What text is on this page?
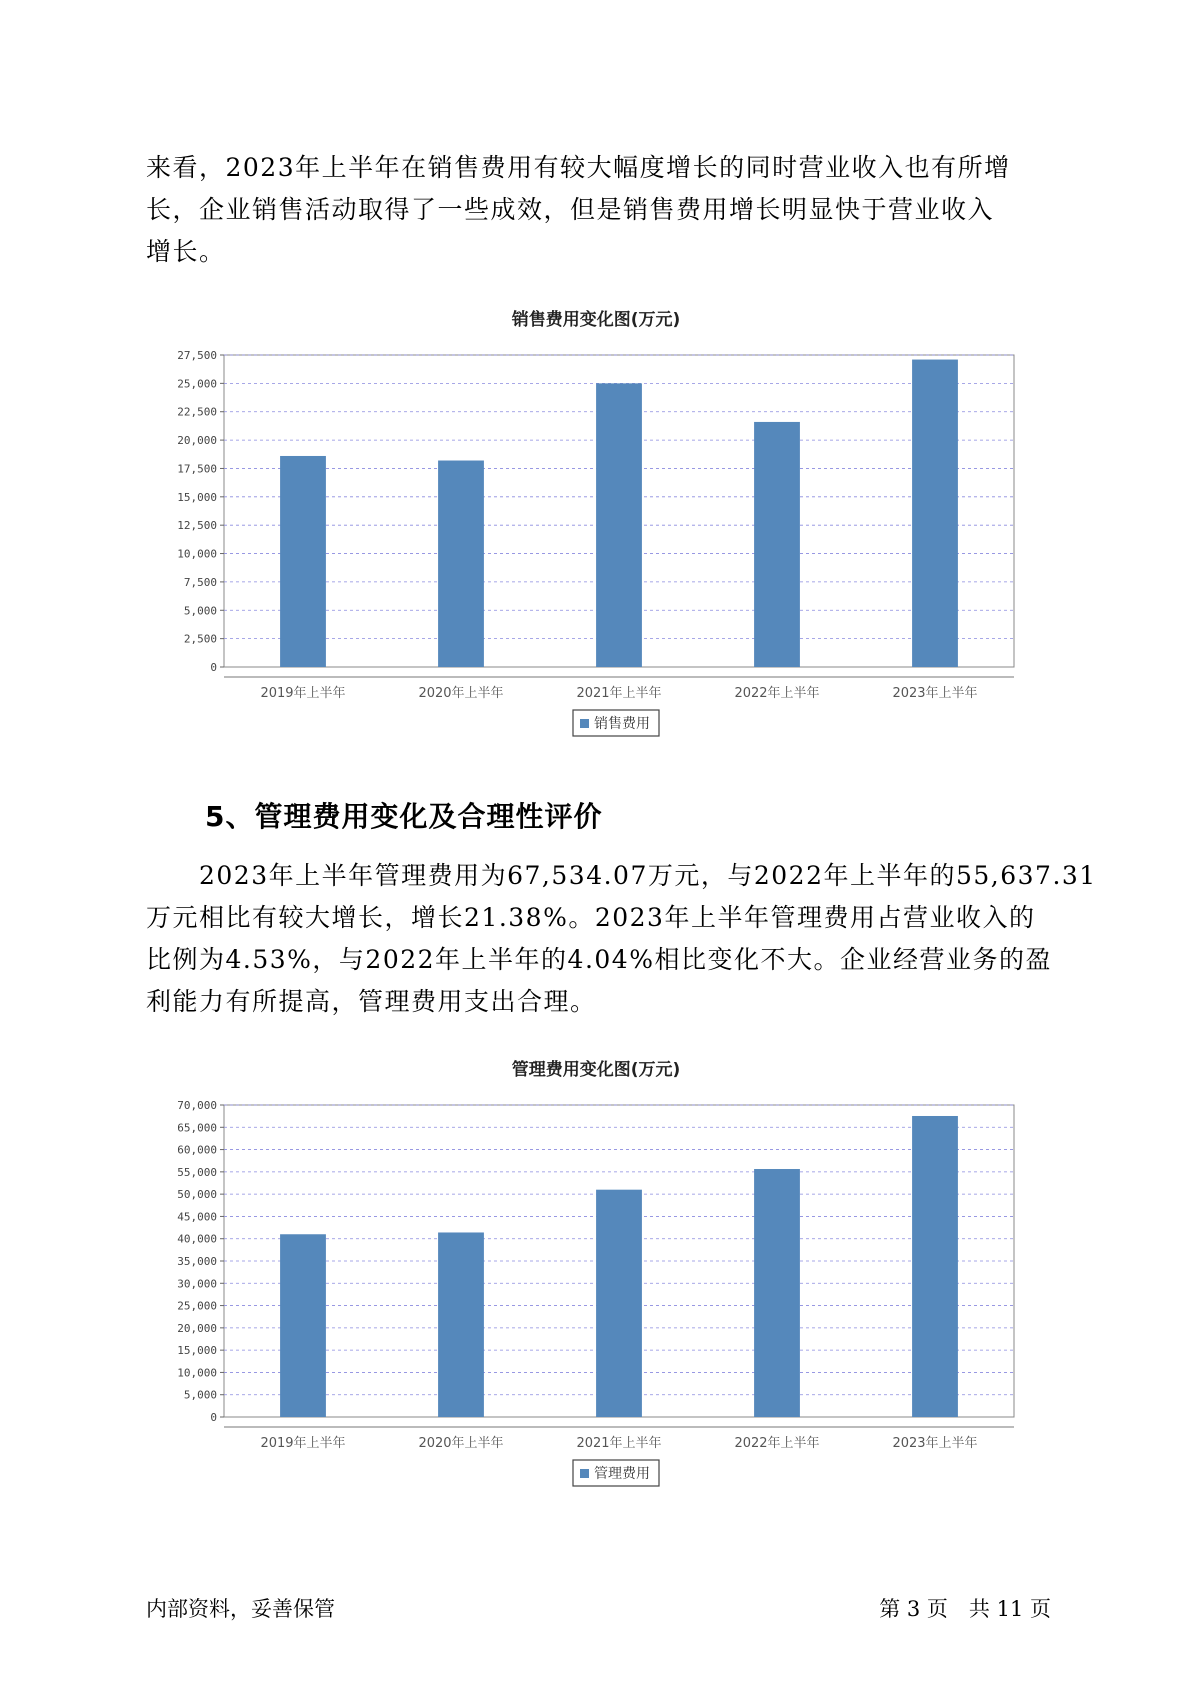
来看，2023年上半年在销售费用有较大幅度增长的同时营业收入也有所增
长，企业销售活动取得了一些成效，但是销售费用增长明显快于营业收入
增长。
销售费用变化图(万元)
0
2,500
5,000
7,500
10,000
12,500
15,000
17,500
20,000
22,500
25,000
27,500
2019年上半年	2020年上半年	2021年上半年	2022年上半年	2023年上半年
销售费用
5、管理费用变化及合理性评价
　　2023年上半年管理费用为67,534.07万元，与2022年上半年的55,637.31
万元相比有较大增长，增长21.38%。2023年上半年管理费用占营业收入的
比例为4.53%，与2022年上半年的4.04%相比变化不大。企业经营业务的盈
利能力有所提高，管理费用支出合理。
管理费用变化图(万元)
0
5,000
10,000
15,000
20,000
25,000
30,000
35,000
40,000
45,000
50,000
55,000
60,000
65,000
70,000
2019年上半年	2020年上半年	2021年上半年	2022年上半年	2023年上半年
管理费用
内部资料，妥善保管	第 3 页　共 11 页
